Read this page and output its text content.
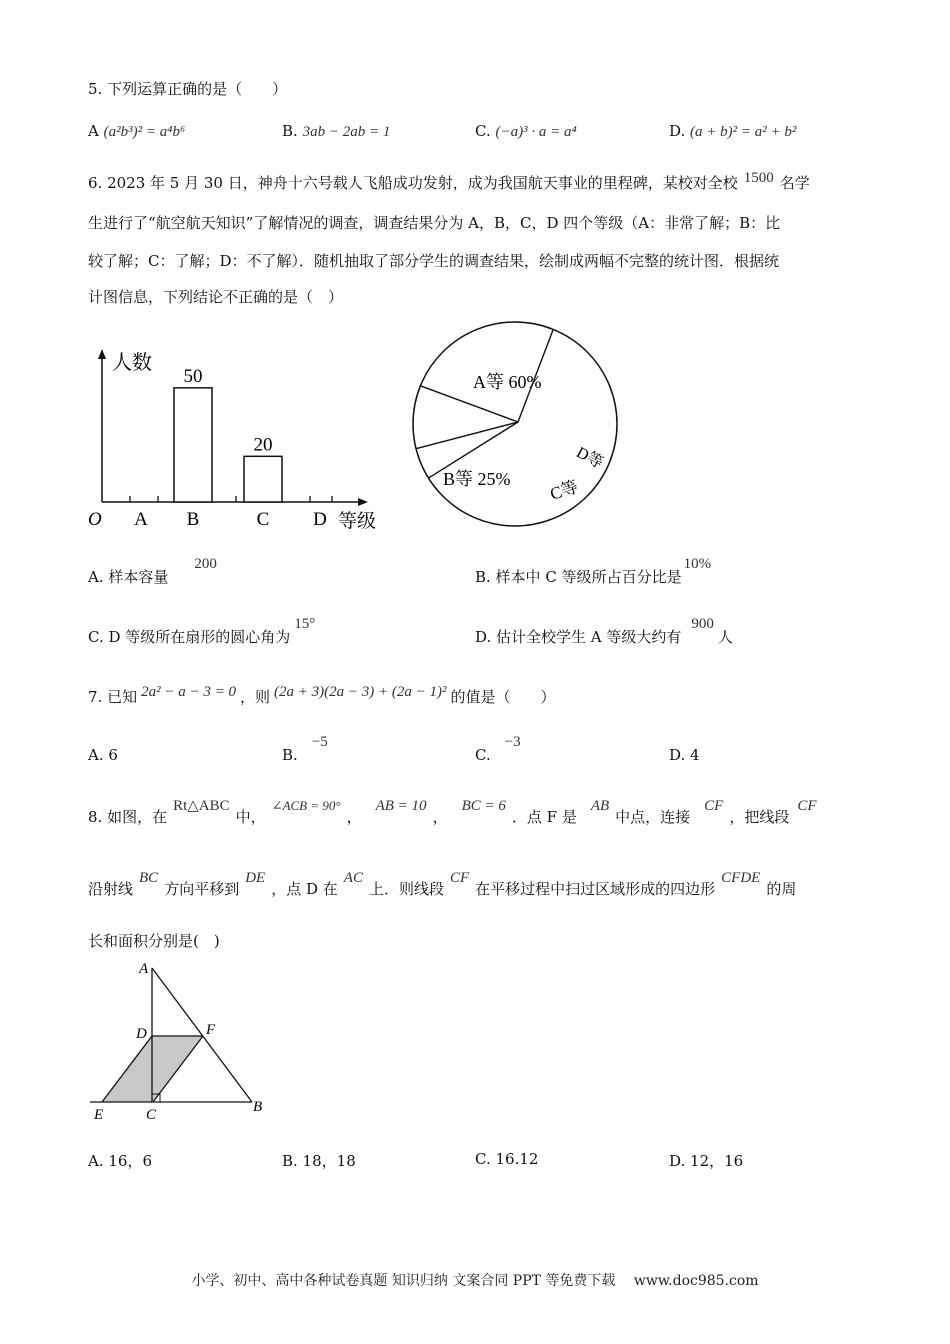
5. 下列运算正确的是（　　）
A (a²b³)² = a⁴b⁶	B. 3ab − 2ab = 1	C. (−a)³ · a = a⁴	D. (a + b)² = a² + b²
6. 2023 年 5 月 30 日，神舟十六号载人飞船成功发射，成为我国航天事业的里程碑，某校对全校 1500 名学
生进行了“航空航天知识”了解情况的调查，调查结果分为 A，B，C，D 四个等级（A：非常了解；B：比
较了解；C：了解；D：不了解）．随机抽取了部分学生的调查结果，绘制成两幅不完整的统计图．根据统
计图信息，下列结论不正确的是（　）
人数
等级
O A B	C D
50
20
A等 60%
B等 25% C等
D等
A. 样本容量200
B. 样本中 C 等级所占百分比是10%
C. D 等级所在扇形的圆心角为15°
D. 估计全校学生 A 等级大约有900人
7. 已知 2a² − a − 3 = 0 ，则 (2a + 3)(2a − 3) + (2a − 1)² 的值是（　　）
A. 6	B.−5
C.−3
D. 4
8. 如图，在Rt△ABC中，∠ACB = 90°，AB = 10，BC = 6．点 F 是AB中点，连接CF，把线段CF
沿射线BC方向平移到DE，点 D 在AC上．则线段CF在平移过程中扫过区域形成的四边形CFDE的周
长和面积分别是(　)
A
D	F
E	C	B
A. 16，6	B. 18，18	C. 16.12	D. 12，16
小学、初中、高中各种试卷真题 知识归纳 文案合同 PPT 等免费下载　 www.doc985.com
